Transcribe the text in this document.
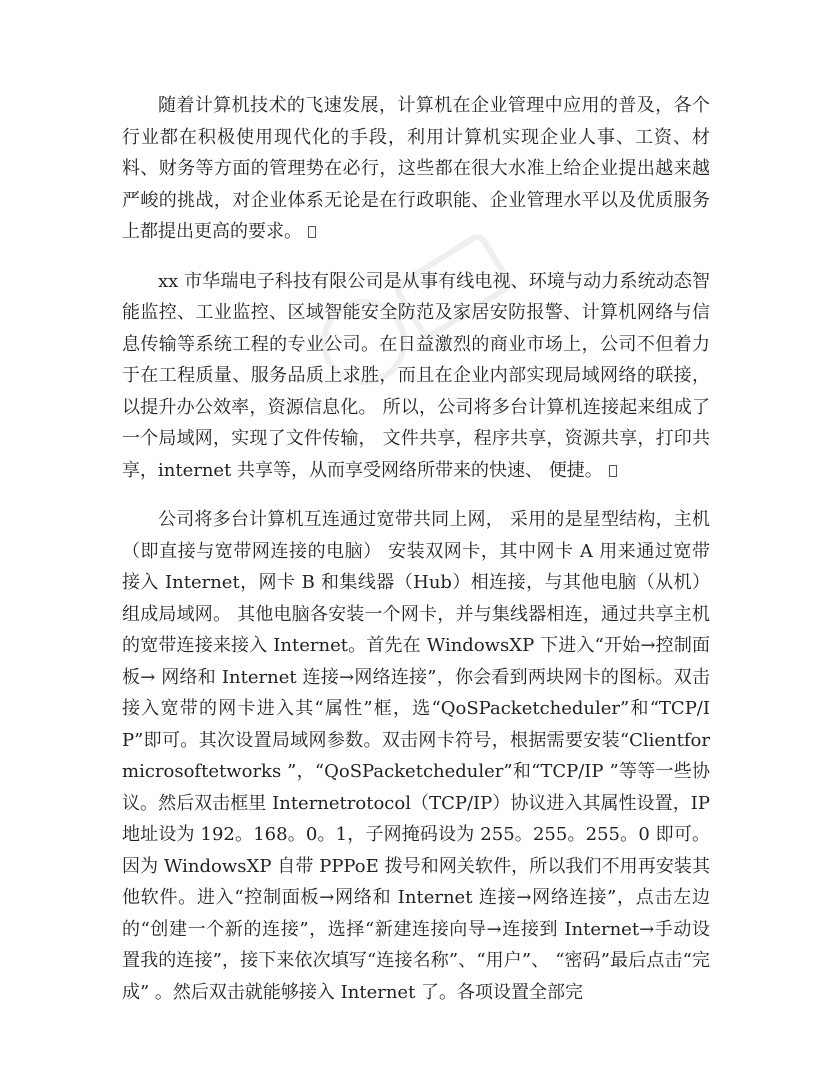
随着计算机技术的飞速发展，计算机在企业管理中应用的普及，各个行业都在积极使用现代化的手段，利用计算机实现企业人事、工资、材料、财务等方面的管理势在必行，这些都在很大水准上给企业提出越来越严峻的挑战，对企业体系无论是在行政职能、企业管理水平以及优质服务上都提出更高的要求。

xx 市华瑞电子科技有限公司是从事有线电视、环境与动力系统动态智能监控、工业监控、区域智能安全防范及家居安防报警、计算机网络与信息传输等系统工程的专业公司。在日益激烈的商业市场上，公司不但着力于在工程质量、服务品质上求胜，而且在企业内部实现局域网络的联接，以提升办公效率，资源信息化。 所以，公司将多台计算机连接起来组成了一个局域网，实现了文件传输， 文件共享，程序共享，资源共享，打印共享，internet 共享等，从而享受网络所带来的快速、 便捷。

公司将多台计算机互连通过宽带共同上网， 采用的是星型结构，主机（即直接与宽带网连接的电脑） 安装双网卡，其中网卡 A 用来通过宽带接入 Internet，网卡 B 和集线器（Hub）相连接，与其他电脑（从机）组成局域网。 其他电脑各安装一个网卡，并与集线器相连，通过共享主机的宽带连接来接入 Internet。首先在 WindowsXP 下进入“开始→控制面板→ 网络和 Internet 连接→网络连接”，你会看到两块网卡的图标。双击接入宽带的网卡进入其“属性”框，选“QoSPacketcheduler”和“TCP/IP”即可。其次设置局域网参数。双击网卡符号，根据需要安装“Clientformicrosoftetworks ”，“QoSPacketcheduler”和“TCP/IP ”等等一些协议。然后双击框里 Internetrotocol（TCP/IP）协议进入其属性设置，IP 地址设为 192。168。0。1，子网掩码设为 255。255。255。0 即可。因为 WindowsXP 自带 PPPoE 拨号和网关软件，所以我们不用再安装其他软件。进入“控制面板→网络和 Internet 连接→网络连接”，点击左边的“创建一个新的连接”，选择“新建连接向导→连接到 Internet→手动设置我的连接”，接下来依次填写“连接名称”、“用户”、 “密码”最后点击“完成” 。然后双击就能够接入 Internet 了。各项设置全部完
